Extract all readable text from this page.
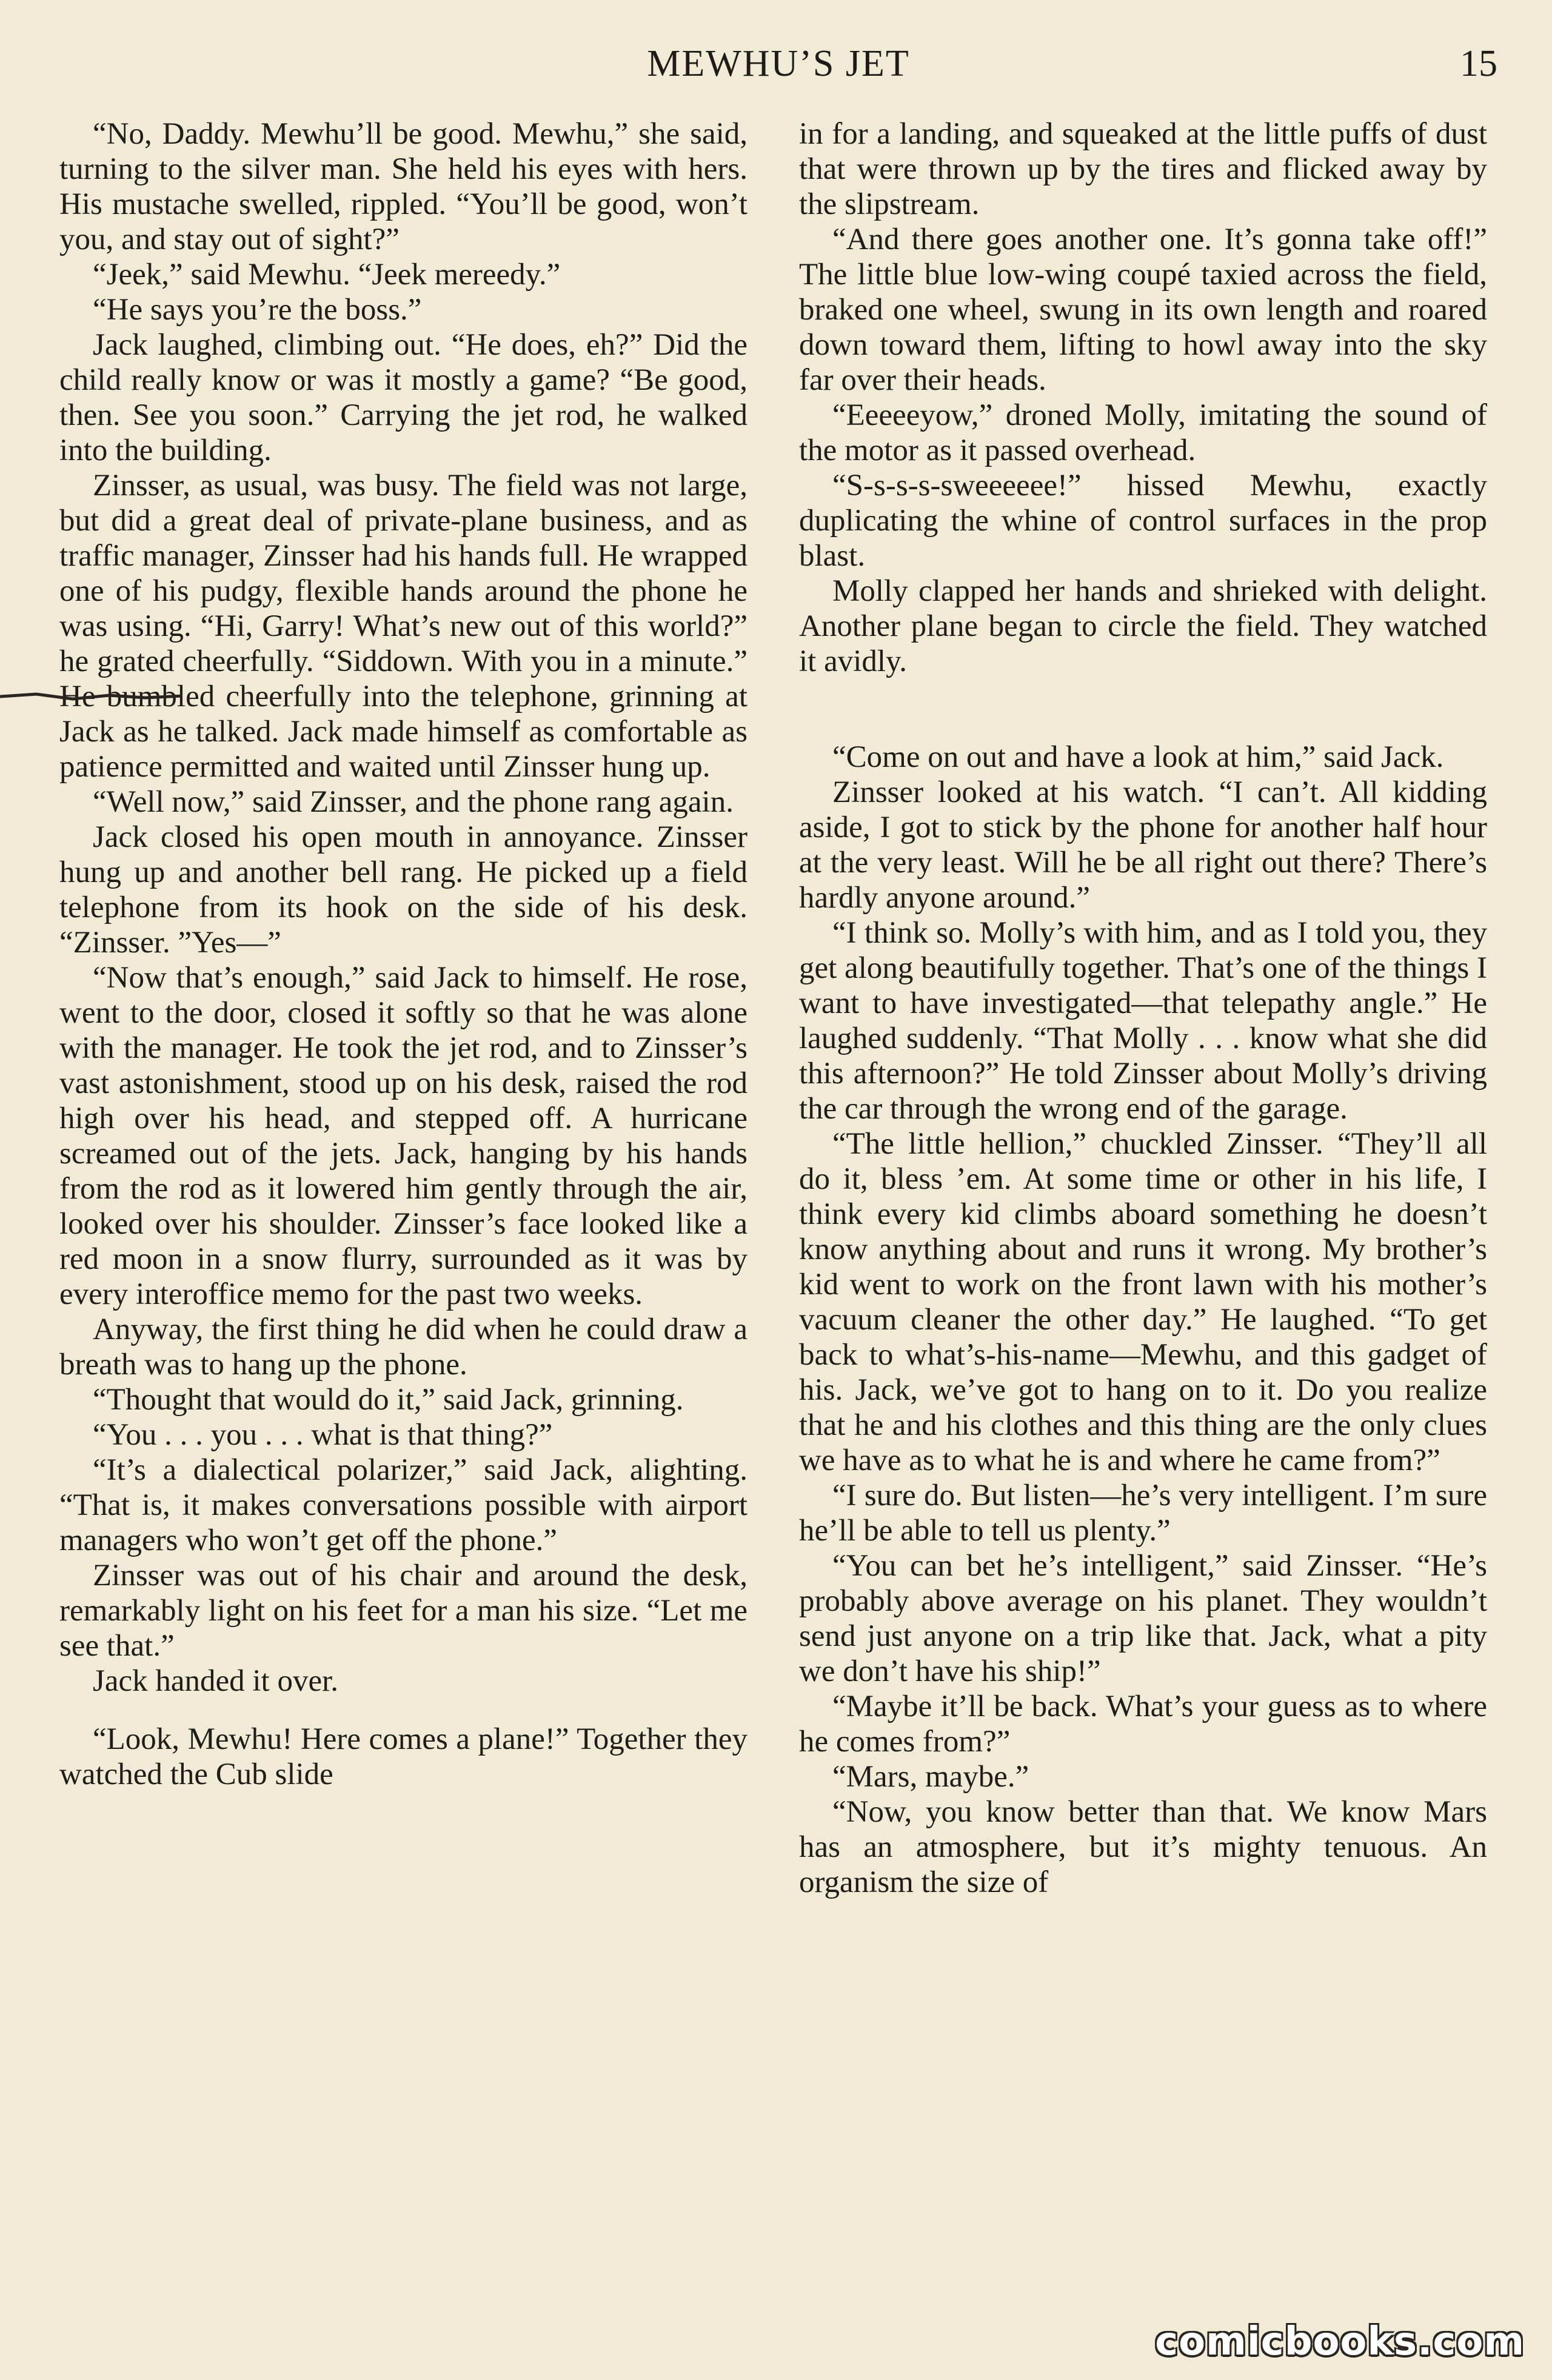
MEWHU’S JET	15

“No, Daddy. Mewhu’ll be good. Mewhu,” she said, turning to the silver man. She held his eyes with hers. His mustache swelled, rippled. “You’ll be good, won’t you, and stay out of sight?”

“Jeek,” said Mewhu. “Jeek mereedy.”

“He says you’re the boss.”

Jack laughed, climbing out. “He does, eh?” Did the child really know or was it mostly a game? “Be good, then. See you soon.” Carrying the jet rod, he walked into the building.

Zinsser, as usual, was busy. The field was not large, but did a great deal of private-plane business, and as traffic manager, Zinsser had his hands full. He wrapped one of his pudgy, flexible hands around the phone he was using. “Hi, Garry! What’s new out of this world?” he grated cheerfully. “Siddown. With you in a minute.” He bumbled cheerfully into the telephone, grinning at Jack as he talked. Jack made himself as comfortable as patience permitted and waited until Zinsser hung up.

“Well now,” said Zinsser, and the phone rang again.

Jack closed his open mouth in annoyance. Zinsser hung up and another bell rang. He picked up a field telephone from its hook on the side of his desk. “Zinsser. ”Yes—”

“Now that’s enough,” said Jack to himself. He rose, went to the door, closed it softly so that he was alone with the manager. He took the jet rod, and to Zinsser’s vast astonishment, stood up on his desk, raised the rod high over his head, and stepped off. A hurricane screamed out of the jets. Jack, hanging by his hands from the rod as it lowered him gently through the air, looked over his shoulder. Zinsser’s face looked like a red moon in a snow flurry, surrounded as it was by every interoffice memo for the past two weeks.

Anyway, the first thing he did when he could draw a breath was to hang up the phone.

“Thought that would do it,” said Jack, grinning.

“You . . . you . . . what is that thing?”

“It’s a dialectical polarizer,” said Jack, alighting. “That is, it makes conversations possible with airport managers who won’t get off the phone.”

Zinsser was out of his chair and around the desk, remarkably light on his feet for a man his size. “Let me see that.”

Jack handed it over.

“Look, Mewhu! Here comes a plane!” Together they watched the Cub slide

in for a landing, and squeaked at the little puffs of dust that were thrown up by the tires and flicked away by the slipstream.

“And there goes another one. It’s gonna take off!” The little blue low-wing coupé taxied across the field, braked one wheel, swung in its own length and roared down toward them, lifting to howl away into the sky far over their heads.

“Eeeeeyow,” droned Molly, imitating the sound of the motor as it passed overhead.

“S-s-s-s-sweeeeee!” hissed Mewhu, exactly duplicating the whine of control surfaces in the prop blast.

Molly clapped her hands and shrieked with delight. Another plane began to circle the field. They watched it avidly.

“Come on out and have a look at him,” said Jack.

Zinsser looked at his watch. “I can’t. All kidding aside, I got to stick by the phone for another half hour at the very least. Will he be all right out there? There’s hardly anyone around.”

“I think so. Molly’s with him, and as I told you, they get along beautifully together. That’s one of the things I want to have investigated—that telepathy angle.” He laughed suddenly. “That Molly . . . know what she did this afternoon?” He told Zinsser about Molly’s driving the car through the wrong end of the garage.

“The little hellion,” chuckled Zinsser. “They’ll all do it, bless ’em. At some time or other in his life, I think every kid climbs aboard something he doesn’t know anything about and runs it wrong. My brother’s kid went to work on the front lawn with his mother’s vacuum cleaner the other day.” He laughed. “To get back to what’s-his-name—Mewhu, and this gadget of his. Jack, we’ve got to hang on to it. Do you realize that he and his clothes and this thing are the only clues we have as to what he is and where he came from?”

“I sure do. But listen—he’s very intelligent. I’m sure he’ll be able to tell us plenty.”

“You can bet he’s intelligent,” said Zinsser. “He’s probably above average on his planet. They wouldn’t send just anyone on a trip like that. Jack, what a pity we don’t have his ship!”

“Maybe it’ll be back. What’s your guess as to where he comes from?”

“Mars, maybe.”

“Now, you know better than that. We know Mars has an atmosphere, but it’s mighty tenuous. An organism the size of

comicbooks.com
